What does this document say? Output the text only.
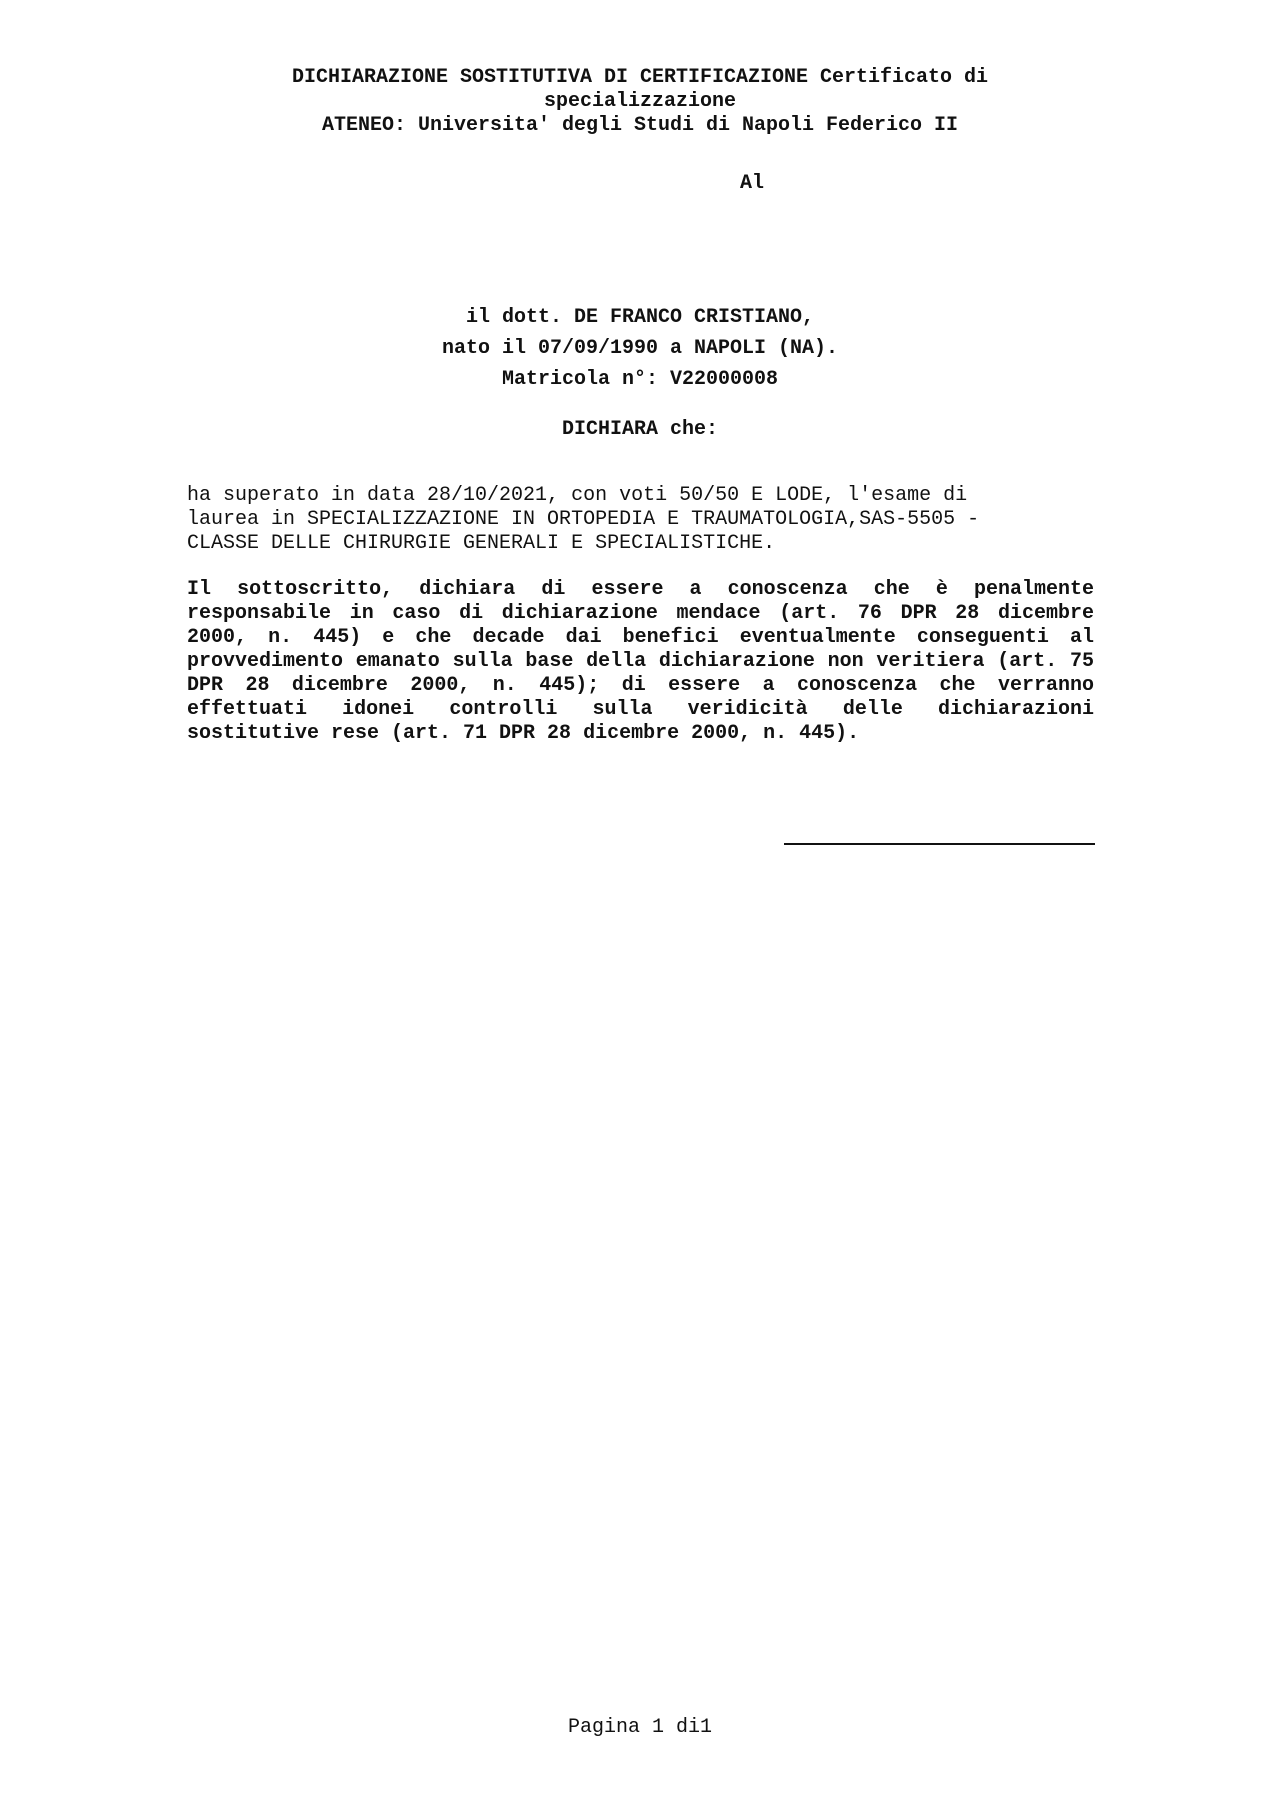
DICHIARAZIONE SOSTITUTIVA DI CERTIFICAZIONE Certificato di
specializzazione
ATENEO: Universita' degli Studi di Napoli Federico II
Al
il dott. DE FRANCO CRISTIANO,
nato il 07/09/1990 a NAPOLI (NA).
Matricola n°: V22000008
DICHIARA che:
ha superato in data 28/10/2021, con voti 50/50 E LODE, l'esame di
laurea in SPECIALIZZAZIONE IN ORTOPEDIA E TRAUMATOLOGIA,SAS-5505 -
CLASSE DELLE CHIRURGIE GENERALI E SPECIALISTICHE.
Il sottoscritto, dichiara di essere a conoscenza che è penalmente responsabile in caso di dichiarazione mendace (art. 76 DPR 28 dicembre 2000, n. 445) e che decade dai benefici eventualmente conseguenti al provvedimento emanato sulla base della dichiarazione non veritiera (art. 75 DPR 28 dicembre 2000, n. 445); di essere a conoscenza che verranno effettuati idonei controlli sulla veridicità delle dichiarazioni sostitutive rese (art. 71 DPR 28 dicembre 2000, n. 445).
Pagina 1 di1
